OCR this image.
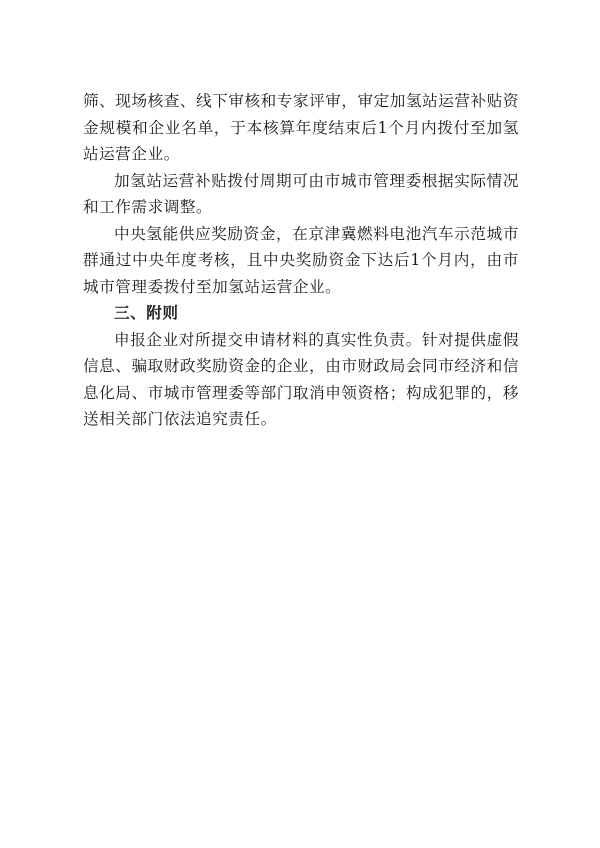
筛、现场核查、线下审核和专家评审，审定加氢站运营补贴资金规模和企业名单，于本核算年度结束后1个月内拨付至加氢站运营企业。

加氢站运营补贴拨付周期可由市城市管理委根据实际情况和工作需求调整。

中央氢能供应奖励资金，在京津冀燃料电池汽车示范城市群通过中央年度考核，且中央奖励资金下达后1个月内，由市城市管理委拨付至加氢站运营企业。

三、附则

申报企业对所提交申请材料的真实性负责。针对提供虚假信息、骗取财政奖励资金的企业，由市财政局会同市经济和信息化局、市城市管理委等部门取消申领资格；构成犯罪的，移送相关部门依法追究责任。
